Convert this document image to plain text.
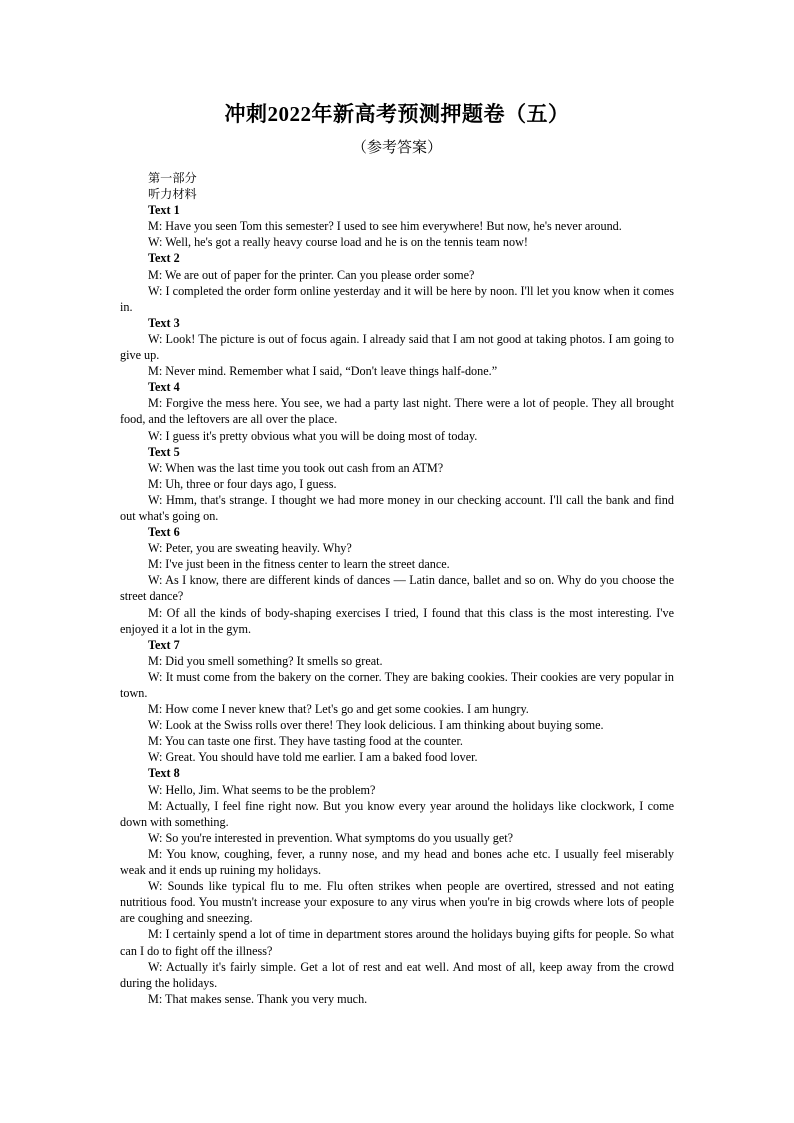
冲刺2022年新高考预测押题卷（五）
（参考答案）

第一部分

听力材料

Text 1

M: Have you seen Tom this semester? I used to see him everywhere! But now, he's never around.

W: Well, he's got a really heavy course load and he is on the tennis team now!

Text 2

M: We are out of paper for the printer. Can you please order some?

W: I completed the order form online yesterday and it will be here by noon. I'll let you know when it comes in.

Text 3

W: Look! The picture is out of focus again. I already said that I am not good at taking photos. I am going to give up.

M: Never mind. Remember what I said, “Don't leave things half-done.”

Text 4

M: Forgive the mess here. You see, we had a party last night. There were a lot of people. They all brought food, and the leftovers are all over the place.

W: I guess it's pretty obvious what you will be doing most of today.

Text 5

W: When was the last time you took out cash from an ATM?

M: Uh, three or four days ago, I guess.

W: Hmm, that's strange. I thought we had more money in our checking account. I'll call the bank and find out what's going on.

Text 6

W: Peter, you are sweating heavily. Why?

M: I've just been in the fitness center to learn the street dance.

W: As I know, there are different kinds of dances — Latin dance, ballet and so on. Why do you choose the street dance?

M: Of all the kinds of body-shaping exercises I tried, I found that this class is the most interesting. I've enjoyed it a lot in the gym.

Text 7

M: Did you smell something? It smells so great.

W: It must come from the bakery on the corner. They are baking cookies. Their cookies are very popular in town.

M: How come I never knew that? Let's go and get some cookies. I am hungry.

W: Look at the Swiss rolls over there! They look delicious. I am thinking about buying some.

M: You can taste one first. They have tasting food at the counter.

W: Great. You should have told me earlier. I am a baked food lover.

Text 8

W: Hello, Jim. What seems to be the problem?

M: Actually, I feel fine right now. But you know every year around the holidays like clockwork, I come down with something.

W: So you're interested in prevention. What symptoms do you usually get?

M: You know, coughing, fever, a runny nose, and my head and bones ache etc. I usually feel miserably weak and it ends up ruining my holidays.

W: Sounds like typical flu to me. Flu often strikes when people are overtired, stressed and not eating nutritious food. You mustn't increase your exposure to any virus when you're in big crowds where lots of people are coughing and sneezing.

M: I certainly spend a lot of time in department stores around the holidays buying gifts for people. So what can I do to fight off the illness?

W: Actually it's fairly simple. Get a lot of rest and eat well. And most of all, keep away from the crowd during the holidays.

M: That makes sense. Thank you very much.
